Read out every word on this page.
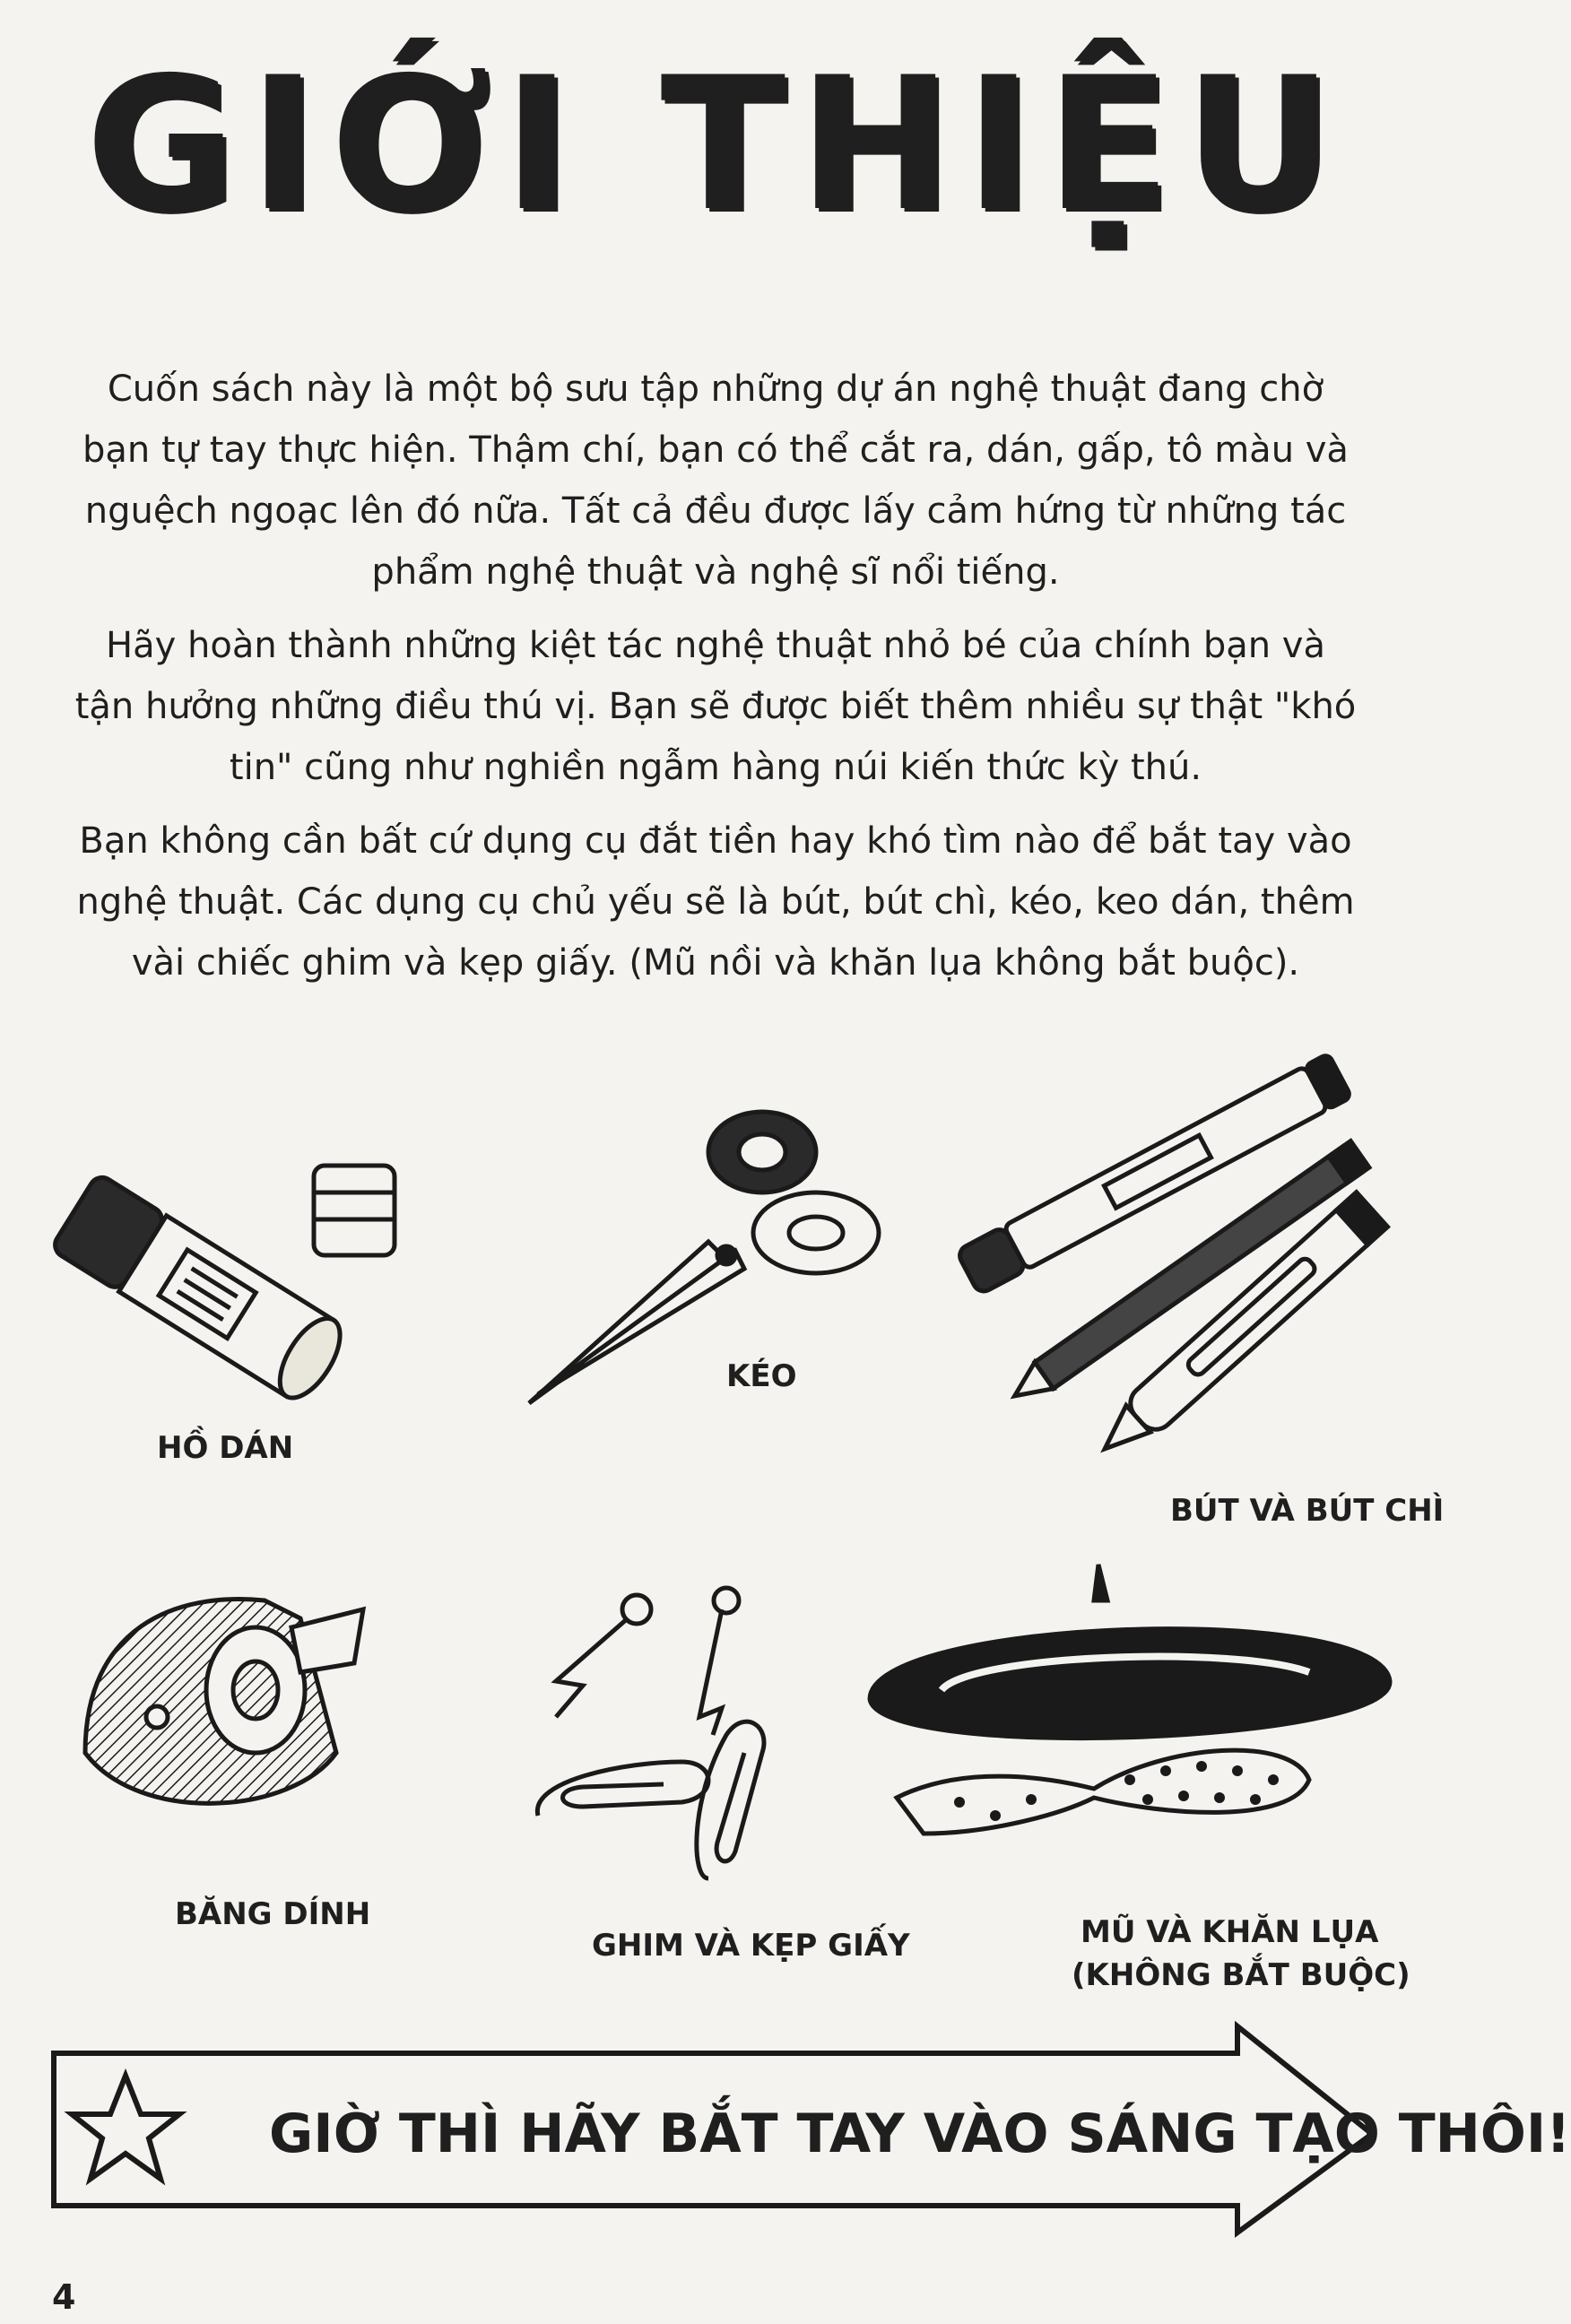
GIỚI THIỆU

Cuốn sách này là một bộ sưu tập những dự án nghệ thuật đang chờ bạn tự tay thực hiện. Thậm chí, bạn có thể cắt ra, dán, gấp, tô màu và nguệch ngoạc lên đó nữa. Tất cả đều được lấy cảm hứng từ những tác phẩm nghệ thuật và nghệ sĩ nổi tiếng.

Hãy hoàn thành những kiệt tác nghệ thuật nhỏ bé của chính bạn và tận hưởng những điều thú vị. Bạn sẽ được biết thêm nhiều sự thật "khó tin" cũng như nghiền ngẫm hàng núi kiến thức kỳ thú.

Bạn không cần bất cứ dụng cụ đắt tiền hay khó tìm nào để bắt tay vào nghệ thuật. Các dụng cụ chủ yếu sẽ là bút, bút chì, kéo, keo dán, thêm vài chiếc ghim và kẹp giấy. (Mũ nồi và khăn lụa không bắt buộc).

HỒ DÁN
KÉO
BÚT VÀ BÚT CHÌ
BĂNG DÍNH
GHIM VÀ KẸP GIẤY	MŨ VÀ KHĂN LỤA
(KHÔNG BẮT BUỘC)
GIỜ THÌ HÃY BẮT TAY VÀO SÁNG TẠO THÔI!
4
